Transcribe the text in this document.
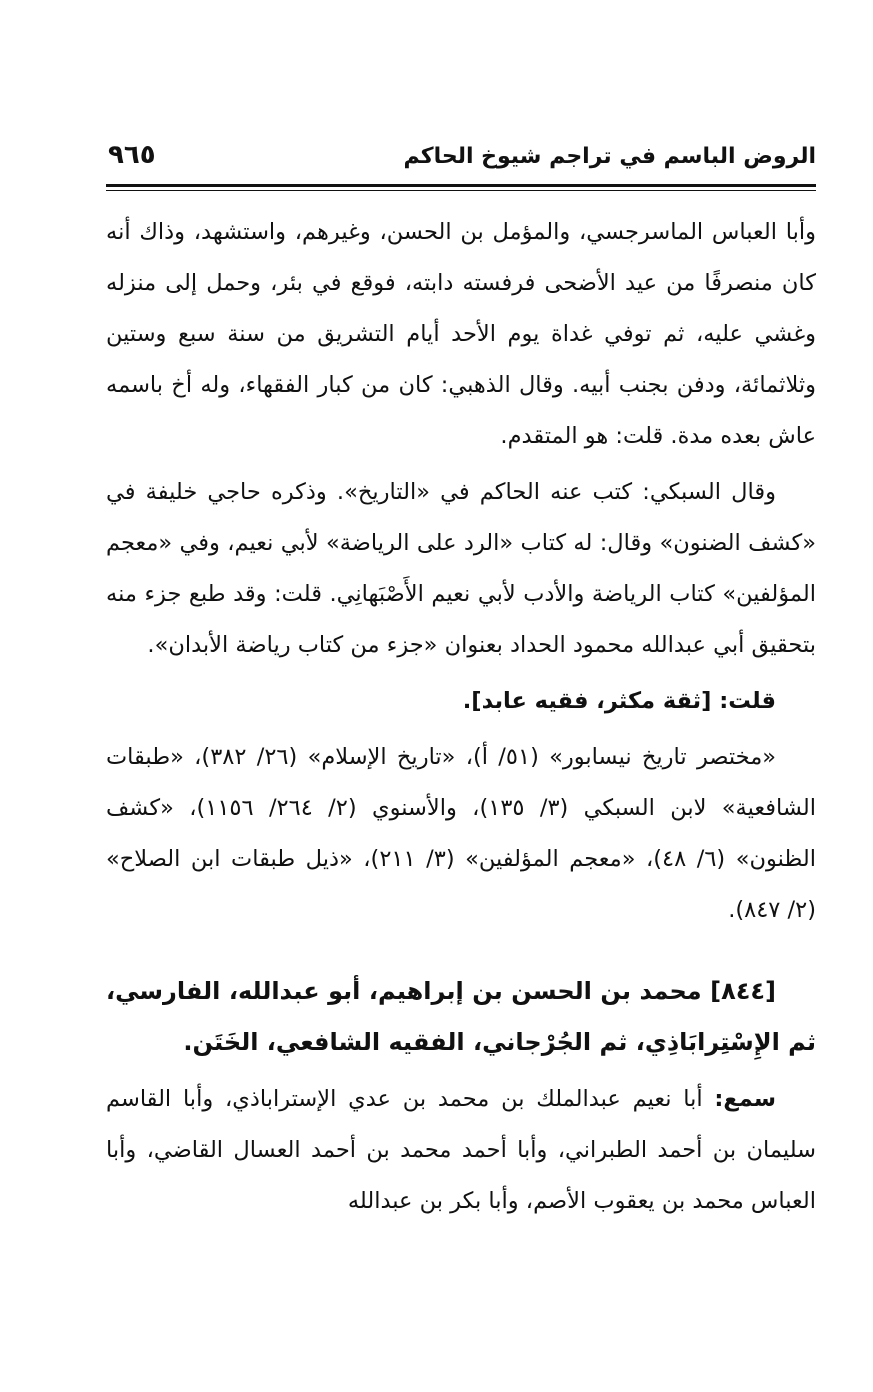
الروض الباسم في تراجم شيوخ الحاكم
٩٦٥

وأبا العباس الماسرجسي، والمؤمل بن الحسن، وغيرهم، واستشهد، وذاك أنه كان منصرفًا من عيد الأضحى فرفسته دابته، فوقع في بئر، وحمل إلى منزله وغشي عليه، ثم توفي غداة يوم الأحد أيام التشريق من سنة سبع وستين وثلاثمائة، ودفن بجنب أبيه. وقال الذهبي: كان من كبار الفقهاء، وله أخ باسمه عاش بعده مدة. قلت: هو المتقدم.

وقال السبكي: كتب عنه الحاكم في «التاريخ». وذكره حاجي خليفة في «كشف الضنون» وقال: له كتاب «الرد على الرياضة» لأبي نعيم، وفي «معجم المؤلفين» كتاب الرياضة والأدب لأبي نعيم الأَصْبَهانِي. قلت: وقد طبع جزء منه بتحقيق أبي عبدالله محمود الحداد بعنوان «جزء من كتاب رياضة الأبدان».

قلت: [ثقة مكثر، فقيه عابد].

«مختصر تاريخ نيسابور» (٥١/ أ)، «تاريخ الإسلام» (٢٦/ ٣٨٢)، «طبقات الشافعية» لابن السبكي (٣/ ١٣٥)، والأسنوي (٢/ ٢٦٤/ ١١٥٦)، «كشف الظنون» (٦/ ٤٨)، «معجم المؤلفين» (٣/ ٢١١)، «ذيل طبقات ابن الصلاح» (٢/ ٨٤٧).

[٨٤٤] محمد بن الحسن بن إبراهيم، أبو عبدالله، الفارسي، ثم الإِسْتِرابَاذِي، ثم الجُرْجاني، الفقيه الشافعي، الخَتَن.

سمع: أبا نعيم عبدالملك بن محمد بن عدي الإستراباذي، وأبا القاسم سليمان بن أحمد الطبراني، وأبا أحمد محمد بن أحمد العسال القاضي، وأبا العباس محمد بن يعقوب الأصم، وأبا بكر بن عبدالله
